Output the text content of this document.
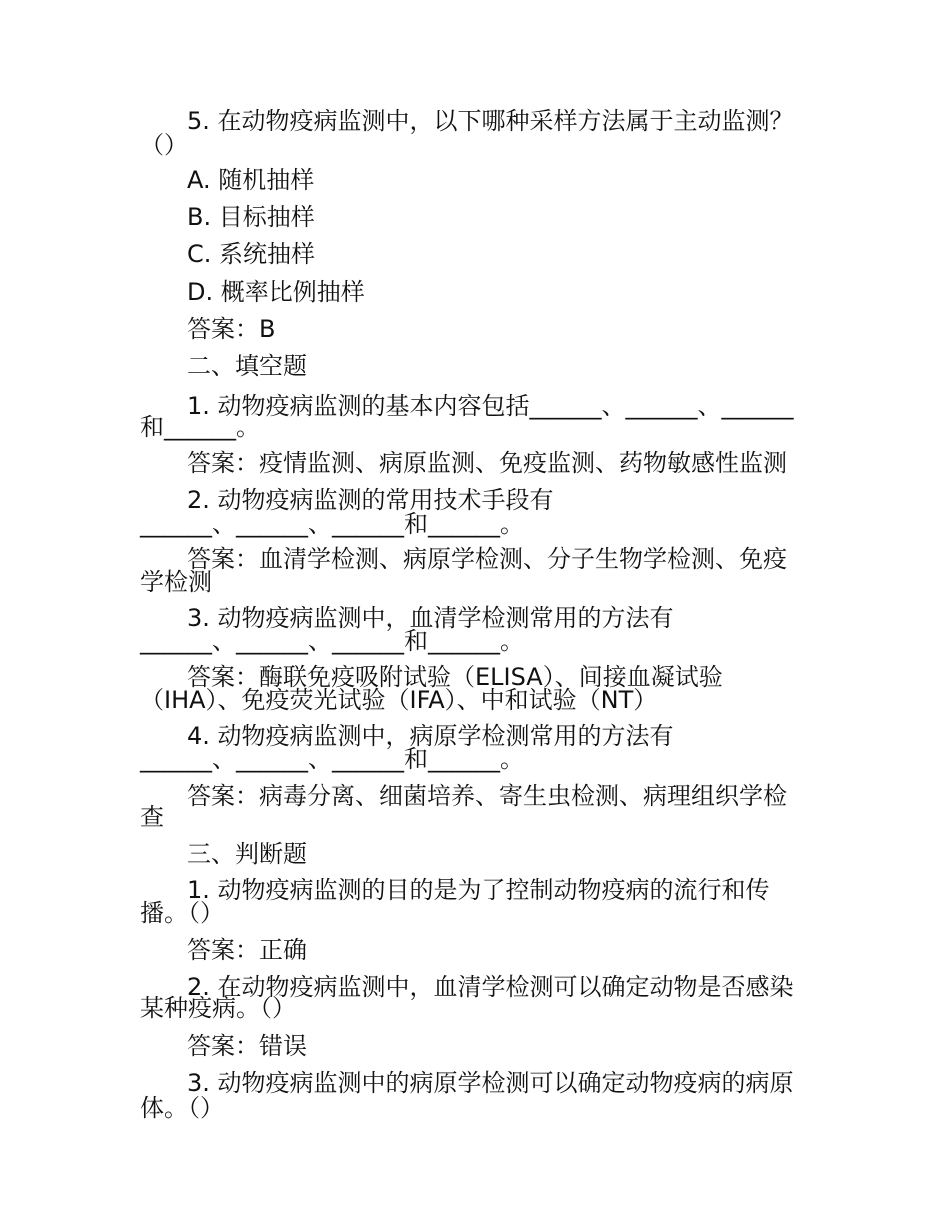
5. 在动物疫病监测中，以下哪种采样方法属于主动监测？
（）
A. 随机抽样
B. 目标抽样
C. 系统抽样
D. 概率比例抽样
答案：B
二、填空题
1. 动物疫病监测的基本内容包括______、______、______
和______。
答案：疫情监测、病原监测、免疫监测、药物敏感性监测
2. 动物疫病监测的常用技术手段有
______、______、______和______。
答案：血清学检测、病原学检测、分子生物学检测、免疫
学检测
3. 动物疫病监测中，血清学检测常用的方法有
______、______、______和______。
答案：酶联免疫吸附试验（ELISA）、间接血凝试验
（IHA）、免疫荧光试验（IFA）、中和试验（NT）
4. 动物疫病监测中，病原学检测常用的方法有
______、______、______和______。
答案：病毒分离、细菌培养、寄生虫检测、病理组织学检
查
三、判断题
1. 动物疫病监测的目的是为了控制动物疫病的流行和传
播。（）
答案：正确
2. 在动物疫病监测中，血清学检测可以确定动物是否感染
某种疫病。（）
答案：错误
3. 动物疫病监测中的病原学检测可以确定动物疫病的病原
体。（）
